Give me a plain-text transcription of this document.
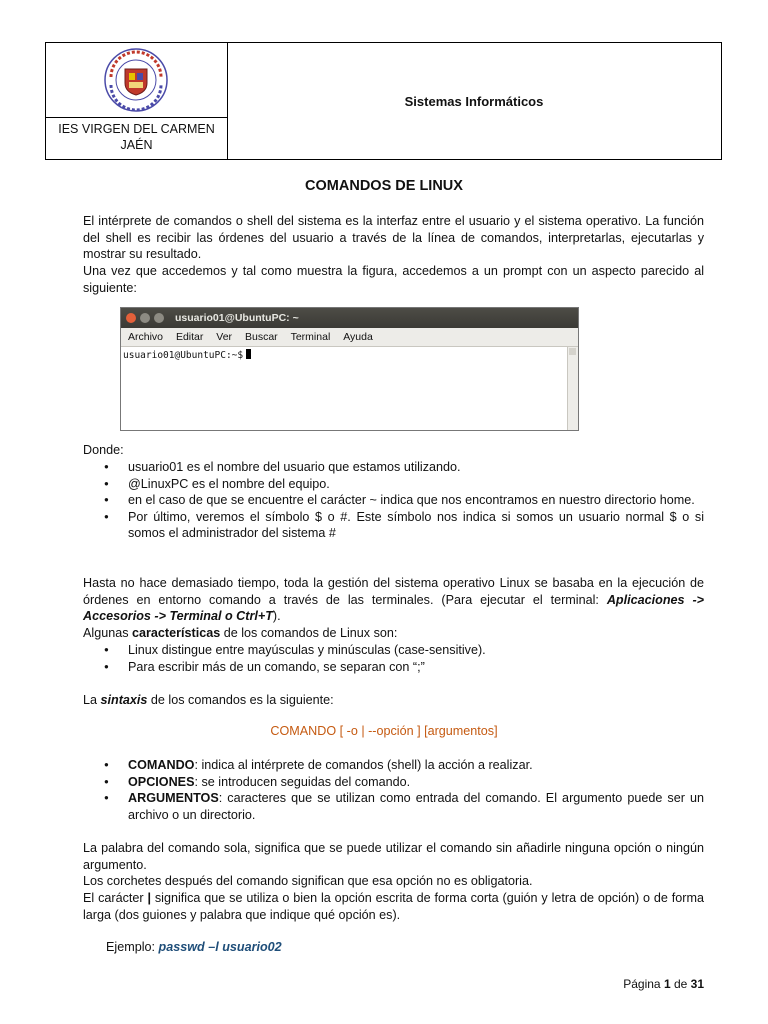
IES VIRGEN DEL CARMEN
JAÉN
Sistemas Informáticos
COMANDOS DE LINUX

El intérprete de comandos o shell del sistema es la interfaz entre el usuario y el sistema operativo. La función del shell es recibir las órdenes del usuario a través de la línea de comandos, interpretarlas, ejecutarlas y mostrar su resultado.

Una vez que accedemos y tal como muestra la figura, accedemos a un prompt con un aspecto parecido al siguiente:

usuario01@UbuntuPC: ~
Archivo Editar Ver Buscar Terminal Ayuda
usuario01@UbuntuPC:~$

Donde:

● usuario01 es el nombre del usuario que estamos utilizando.
● @LinuxPC es el nombre del equipo.
● en el caso de que se encuentre el carácter ~ indica que nos encontramos en nuestro directorio home.
● Por último, veremos el símbolo $ o #. Este símbolo nos indica si somos un usuario normal $ o si somos el administrador del sistema #

Hasta no hace demasiado tiempo, toda la gestión del sistema operativo Linux se basaba en la ejecución de órdenes en entorno comando a través de las terminales. (Para ejecutar el terminal: Aplicaciones -> Accesorios -> Terminal o Ctrl+T).

Algunas características de los comandos de Linux son:

● Linux distingue entre mayúsculas y minúsculas (case-sensitive).
● Para escribir más de un comando, se separan con “;”

La sintaxis de los comandos es la siguiente:

COMANDO [ -o | --opción ] [argumentos]
● COMANDO: indica al intérprete de comandos (shell) la acción a realizar.
● OPCIONES: se introducen seguidas del comando.
● ARGUMENTOS: caracteres que se utilizan como entrada del comando. El argumento puede ser un archivo o un directorio.

La palabra del comando sola, significa que se puede utilizar el comando sin añadirle ninguna opción o ningún argumento.

Los corchetes después del comando significan que esa opción no es obligatoria.

El carácter | significa que se utiliza o bien la opción escrita de forma corta (guión y letra de opción) o de forma larga (dos guiones y palabra que indique qué opción es).

Ejemplo: passwd –l usuario02
Página 1 de 31
